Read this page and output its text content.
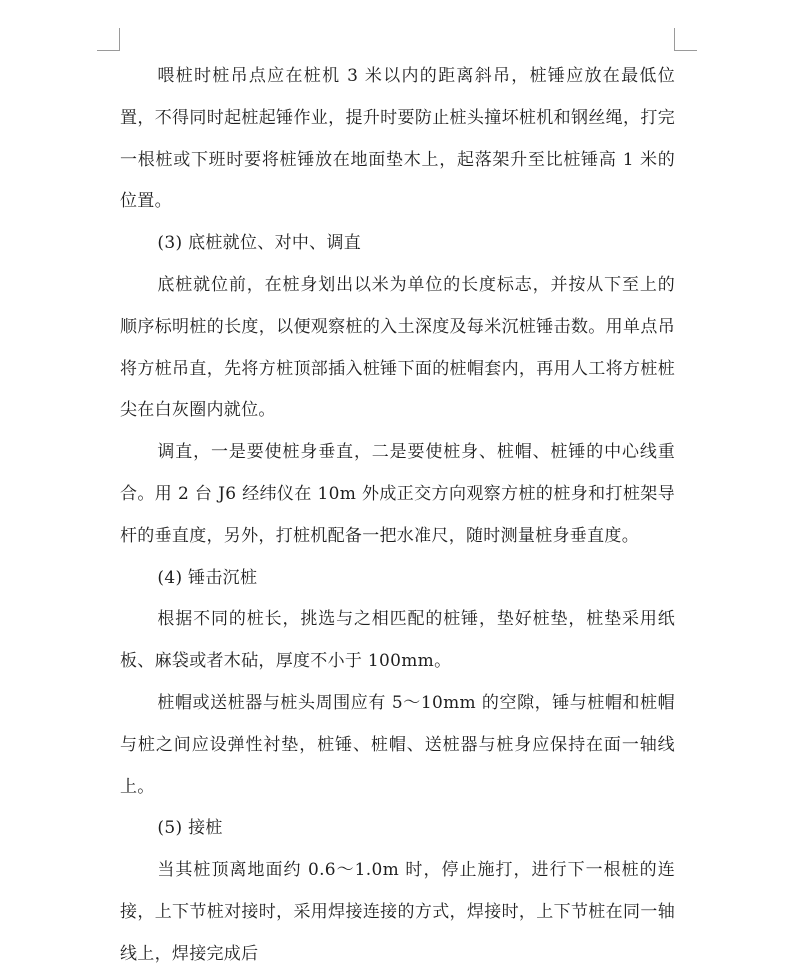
喂桩时桩吊点应在桩机 3 米以内的距离斜吊，桩锤应放在最低位置，不得同时起桩起锤作业，提升时要防止桩头撞坏桩机和钢丝绳，打完一根桩或下班时要将桩锤放在地面垫木上，起落架升至比桩锤高 1 米的位置。

(3) 底桩就位、对中、调直

底桩就位前，在桩身划出以米为单位的长度标志，并按从下至上的顺序标明桩的长度，以便观察桩的入土深度及每米沉桩锤击数。用单点吊将方桩吊直，先将方桩顶部插入桩锤下面的桩帽套内，再用人工将方桩桩尖在白灰圈内就位。

调直，一是要使桩身垂直，二是要使桩身、桩帽、桩锤的中心线重合。用 2 台 J6 经纬仪在 10m 外成正交方向观察方桩的桩身和打桩架导杆的垂直度，另外，打桩机配备一把水准尺，随时测量桩身垂直度。

(4) 锤击沉桩

根据不同的桩长，挑选与之相匹配的桩锤，垫好桩垫，桩垫采用纸板、麻袋或者木砧，厚度不小于 100mm。

桩帽或送桩器与桩头周围应有 5～10mm 的空隙，锤与桩帽和桩帽与桩之间应设弹性衬垫，桩锤、桩帽、送桩器与桩身应保持在面一轴线上。

(5) 接桩

当其桩顶离地面约 0.6～1.0m 时，停止施打，进行下一根桩的连接，上下节桩对接时，采用焊接连接的方式，焊接时，上下节桩在同一轴线上，焊接完成后
